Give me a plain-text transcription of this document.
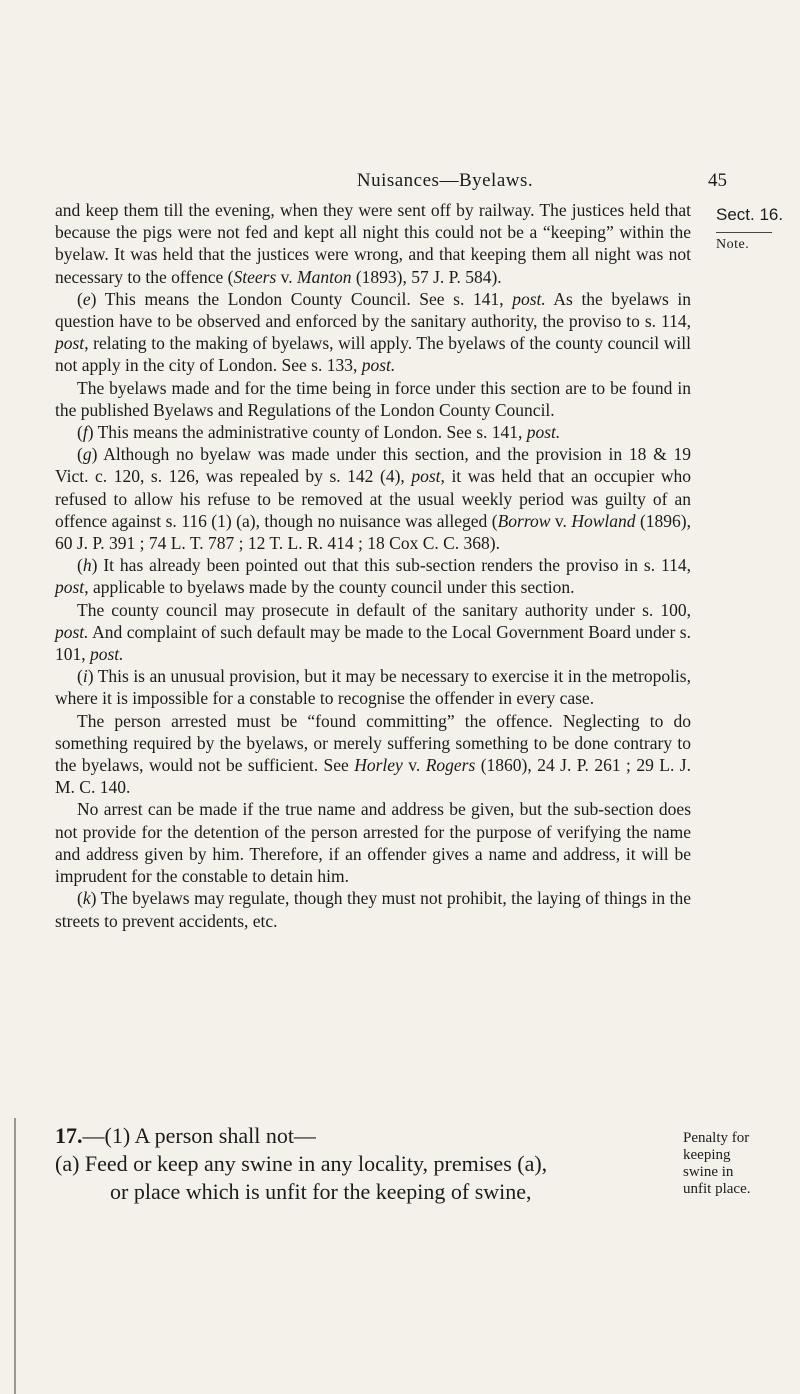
Nuisances—Byelaws.	45
Sect. 16.
Note.

and keep them till the evening, when they were sent off by railway. The justices held that because the pigs were not fed and kept all night this could not be a “keeping” within the byelaw. It was held that the justices were wrong, and that keeping them all night was not necessary to the offence (Steers v. Manton (1893), 57 J. P. 584).

(e) This means the London County Council. See s. 141, post. As the byelaws in question have to be observed and enforced by the sanitary authority, the proviso to s. 114, post, relating to the making of byelaws, will apply. The byelaws of the county council will not apply in the city of London. See s. 133, post.

The byelaws made and for the time being in force under this section are to be found in the published Byelaws and Regulations of the London County Council.

(f) This means the administrative county of London. See s. 141, post.

(g) Although no byelaw was made under this section, and the provision in 18 & 19 Vict. c. 120, s. 126, was repealed by s. 142 (4), post, it was held that an occupier who refused to allow his refuse to be removed at the usual weekly period was guilty of an offence against s. 116 (1) (a), though no nuisance was alleged (Borrow v. Howland (1896), 60 J. P. 391 ; 74 L. T. 787 ; 12 T. L. R. 414 ; 18 Cox C. C. 368).

(h) It has already been pointed out that this sub-section renders the proviso in s. 114, post, applicable to byelaws made by the county council under this section.

The county council may prosecute in default of the sanitary authority under s. 100, post. And complaint of such default may be made to the Local Government Board under s. 101, post.

(i) This is an unusual provision, but it may be necessary to exercise it in the metropolis, where it is impossible for a constable to recognise the offender in every case.

The person arrested must be “found committing” the offence. Neglecting to do something required by the byelaws, or merely suffering something to be done contrary to the byelaws, would not be sufficient. See Horley v. Rogers (1860), 24 J. P. 261 ; 29 L. J. M. C. 140.

No arrest can be made if the true name and address be given, but the sub-section does not provide for the detention of the person arrested for the purpose of verifying the name and address given by him. Therefore, if an offender gives a name and address, it will be imprudent for the constable to detain him.

(k) The byelaws may regulate, though they must not prohibit, the laying of things in the streets to prevent accidents, etc.

17.—(1) A person shall not—

(a) Feed or keep any swine in any locality, premises (a),

or place which is unfit for the keeping of swine,

Penalty for
keeping
swine in
unfit place.
